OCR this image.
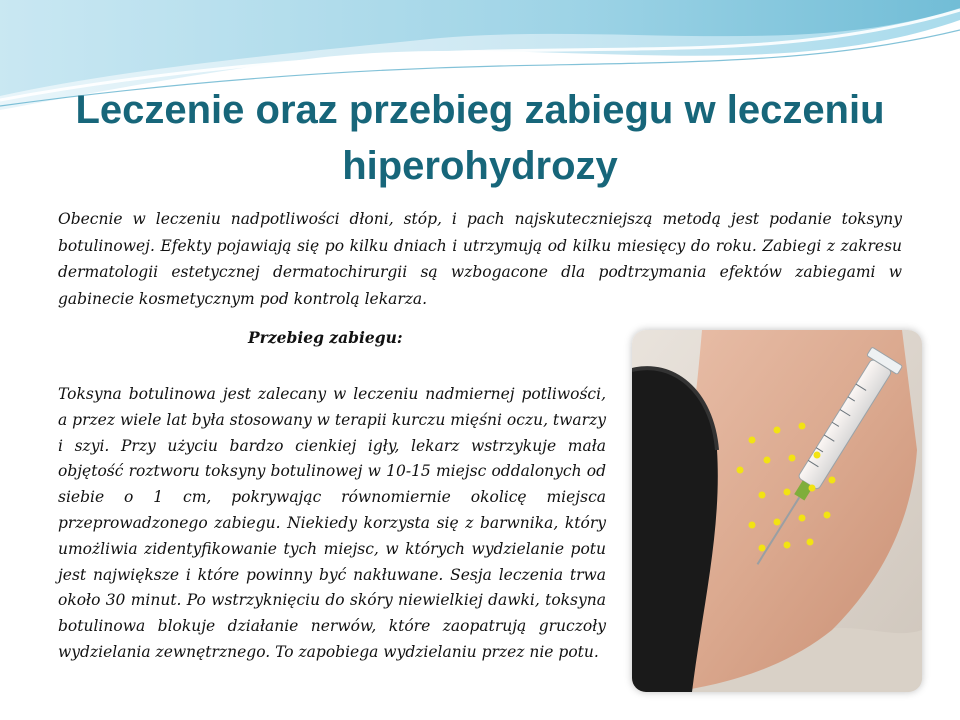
Leczenie oraz przebieg zabiegu w leczeniu hiperohydrozy

Obecnie w leczeniu nadpotliwości dłoni, stóp, i pach najskuteczniejszą metodą jest podanie toksyny botulinowej. Efekty pojawiają się po kilku dniach i utrzymują od kilku miesięcy do roku. Zabiegi z zakresu dermatologii estetycznej dermatochirurgii są wzbogacone dla podtrzymania efektów zabiegami w gabinecie kosmetycznym pod kontrolą lekarza.

Przebieg zabiegu:

Toksyna botulinowa jest zalecany w leczeniu nadmiernej potliwości, a przez wiele lat była stosowany w terapii kurczu mięśni oczu, twarzy i szyi. Przy użyciu bardzo cienkiej igły, lekarz wstrzykuje mała objętość roztworu toksyny botulinowej w 10-15 miejsc oddalonych od siebie o 1 cm, pokrywając równomiernie okolicę miejsca przeprowadzonego zabiegu. Niekiedy korzysta się z barwnika, który umożliwia zidentyfikowanie tych miejsc, w których wydzielanie potu jest największe i które powinny być nakłuwane. Sesja leczenia trwa około 30 minut. Po wstrzyknięciu do skóry niewielkiej dawki, toksyna botulinowa blokuje działanie nerwów, które zaopatrują gruczoły wydzielania zewnętrznego. To zapobiega wydzielaniu przez nie potu.
